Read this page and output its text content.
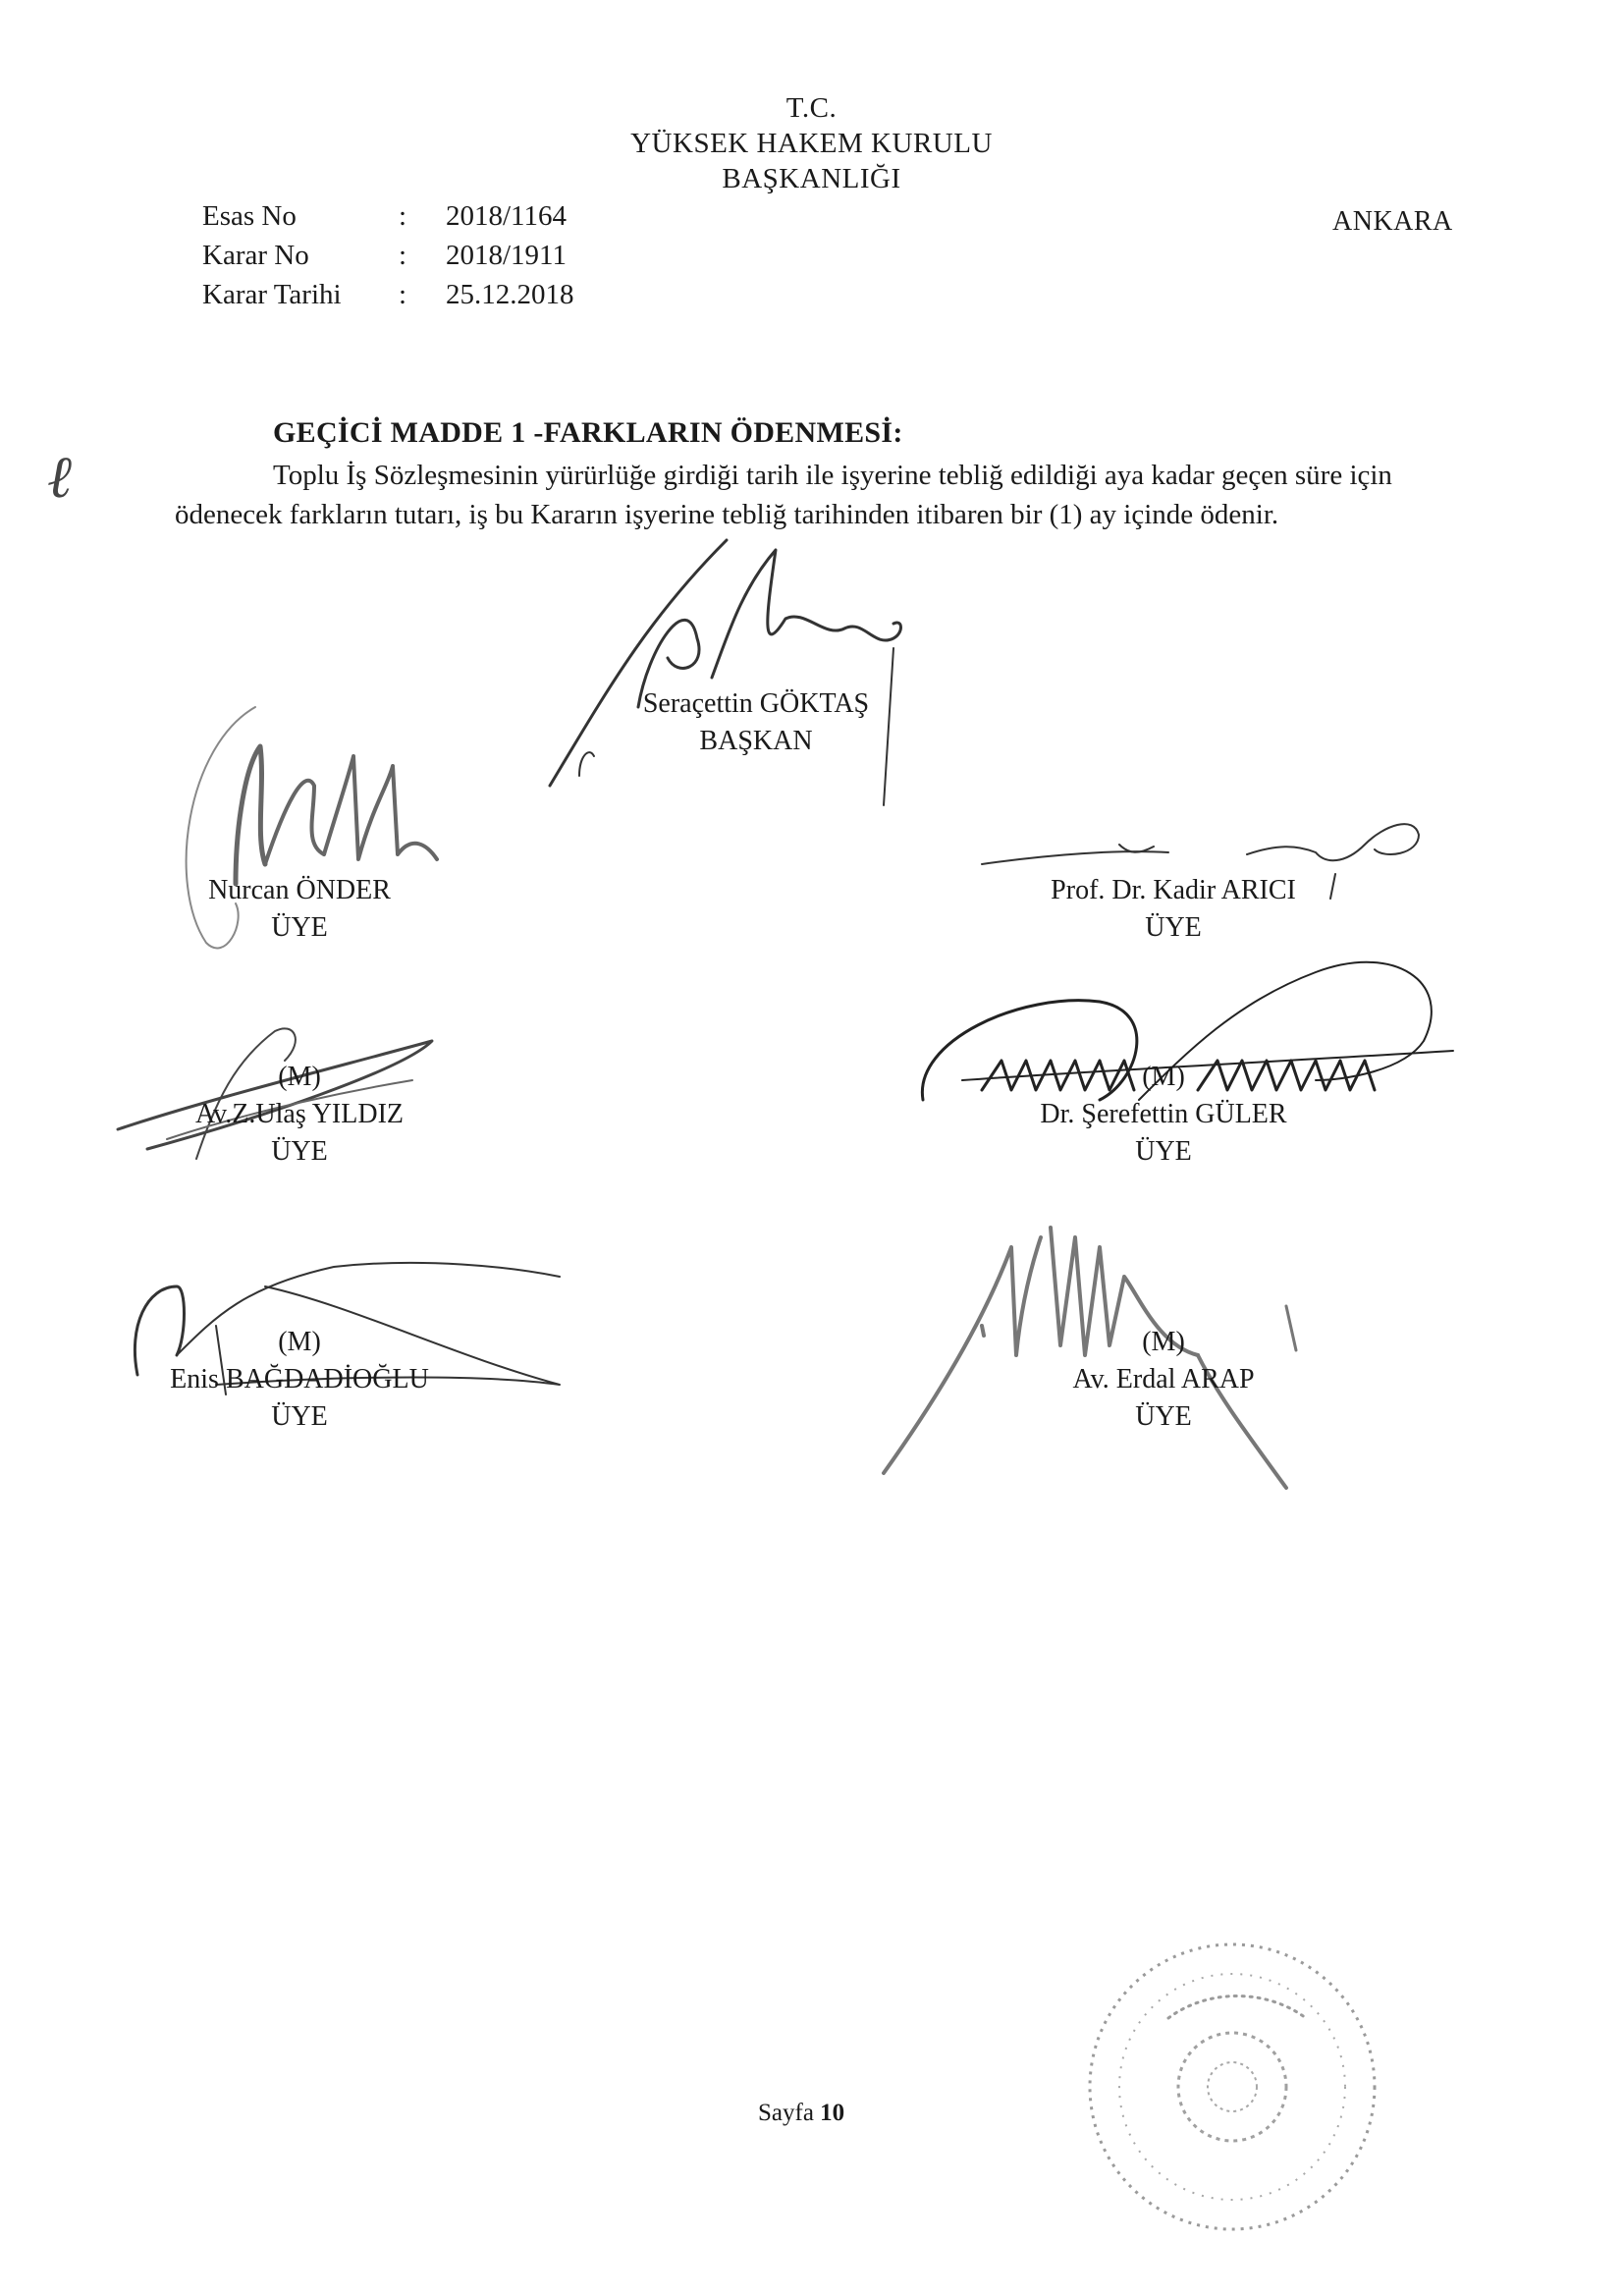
T.C.
YÜKSEK HAKEM KURULU
BAŞKANLIĞI
ANKARA
Esas No	:	2018/1164
Karar No	:	2018/1911
Karar Tarihi	:	25.12.2018
ℓ
GEÇİCİ MADDE 1 -FARKLARIN ÖDENMESİ:
Toplu İş Sözleşmesinin yürürlüğe girdiği tarih ile işyerine tebliğ edildiği aya kadar geçen süre için
ödenecek farkların tutarı, iş bu Kararın işyerine tebliğ tarihinden itibaren bir (1) ay içinde ödenir.
Seraçettin GÖKTAŞ
BAŞKAN
Nurcan ÖNDER
ÜYE
Prof. Dr. Kadir ARICI
ÜYE
(M)
Av.Z.Ulaş YILDIZ
ÜYE
(M)
Dr. Şerefettin GÜLER
ÜYE
(M)
Enis BAĞDADİOĞLU
ÜYE
(M)
Av. Erdal ARAP
ÜYE
Sayfa 10
